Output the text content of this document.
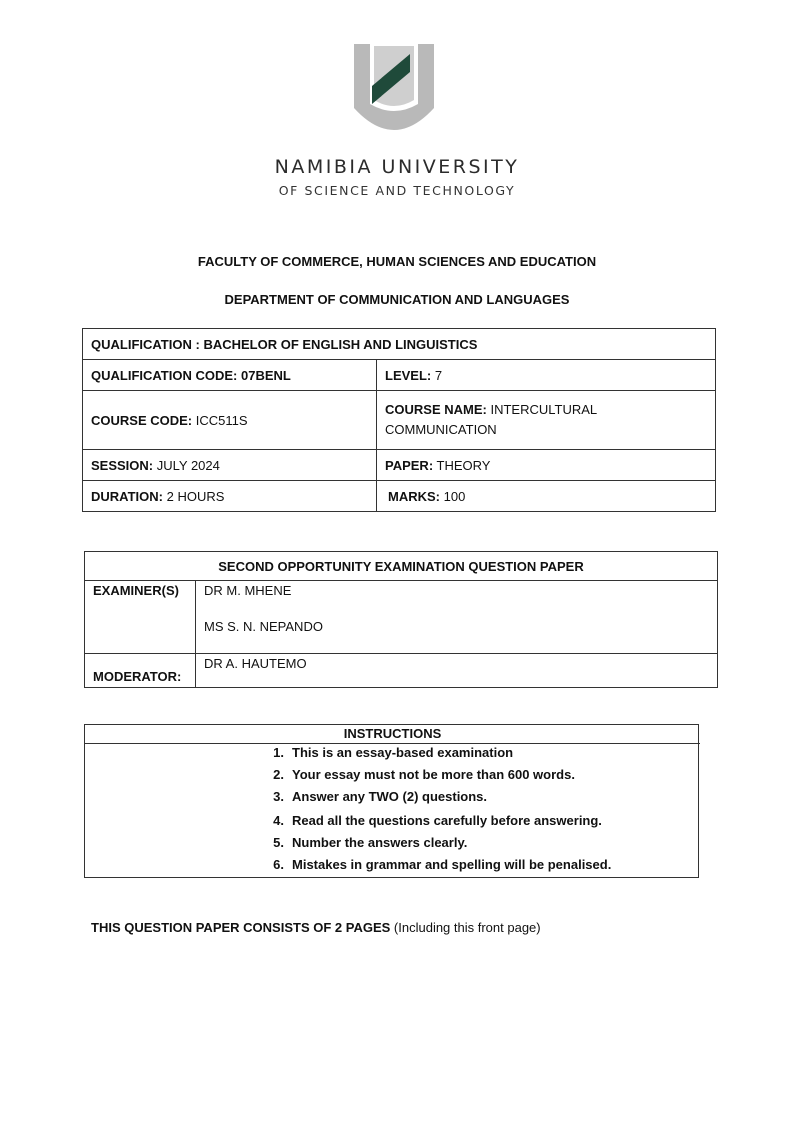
NAMIBIA UNIVERSITY
OF SCIENCE AND TECHNOLOGY
FACULTY OF COMMERCE, HUMAN SCIENCES AND EDUCATION
DEPARTMENT OF COMMUNICATION AND LANGUAGES
QUALIFICATION : BACHELOR OF ENGLISH AND LINGUISTICS	
QUALIFICATION CODE: 07BENL	LEVEL: 7
COURSE CODE: ICC511S	COURSE NAME: INTERCULTURAL COMMUNICATION
SESSION: JULY 2024	PAPER: THEORY
DURATION: 2 HOURS	MARKS: 100
SECOND OPPORTUNITY EXAMINATION QUESTION PAPER	
EXAMINER(S)	DR M. MHENE
MS S. N. NEPANDO

MODERATOR:	DR A. HAUTEMO
INSTRUCTIONS
1. This is an essay-based examination
2. Your essay must not be more than 600 words.
3. Answer any TWO (2) questions.
4. Read all the questions carefully before answering.
5. Number the answers clearly.
6. Mistakes in grammar and spelling will be penalised.
THIS QUESTION PAPER CONSISTS OF 2 PAGES (Including this front page)
